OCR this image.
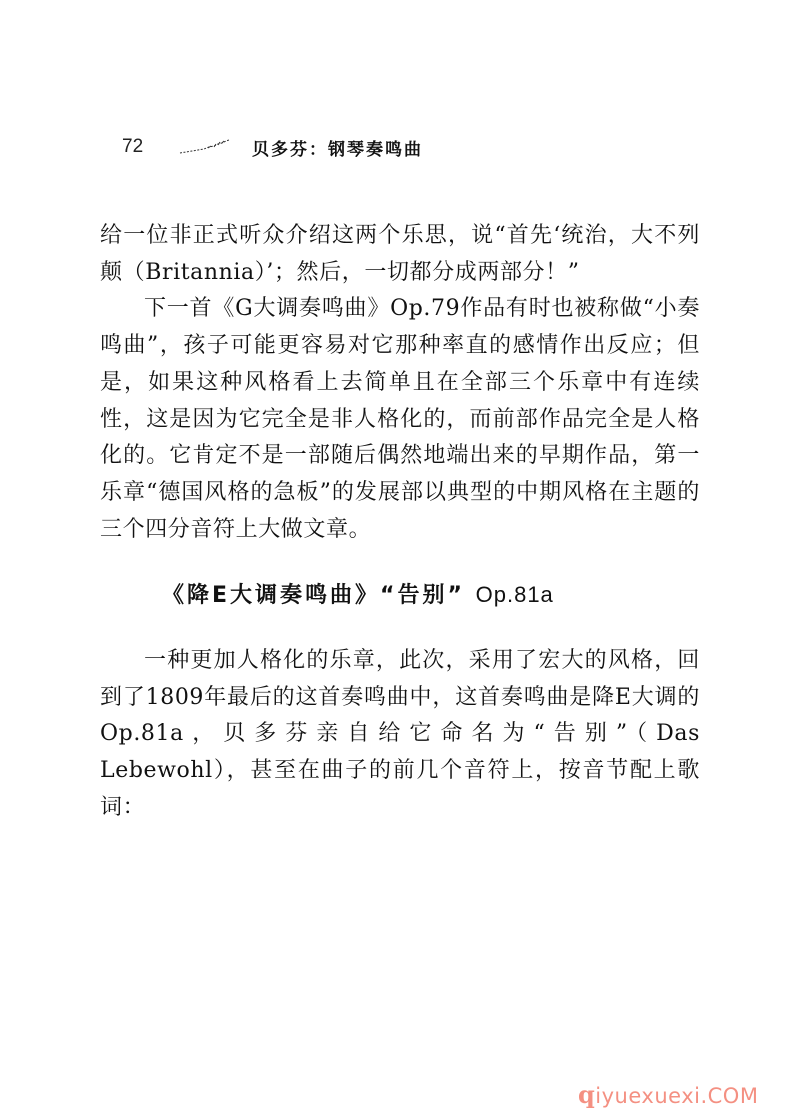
72	贝多芬：钢琴奏鸣曲

给一位非正式听众介绍这两个乐思，说“首先‘统治，大不列颠（Britannia）’；然后，一切都分成两部分！”

下一首《G大调奏鸣曲》Op.79作品有时也被称做“小奏鸣曲”，孩子可能更容易对它那种率直的感情作出反应；但是，如果这种风格看上去简单且在全部三个乐章中有连续性，这是因为它完全是非人格化的，而前部作品完全是人格化的。它肯定不是一部随后偶然地端出来的早期作品，第一乐章“德国风格的急板”的发展部以典型的中期风格在主题的三个四分音符上大做文章。

《降E大调奏鸣曲》“告别” Op.81a

一种更加人格化的乐章，此次，采用了宏大的风格，回到了1809年最后的这首奏鸣曲中，这首奏鸣曲是降E大调的Op.81a，贝多芬亲自给它命名为“告别”（Das Lebewohl），甚至在曲子的前几个音符上，按音节配上歌词：

qiyuexuexi.COM
